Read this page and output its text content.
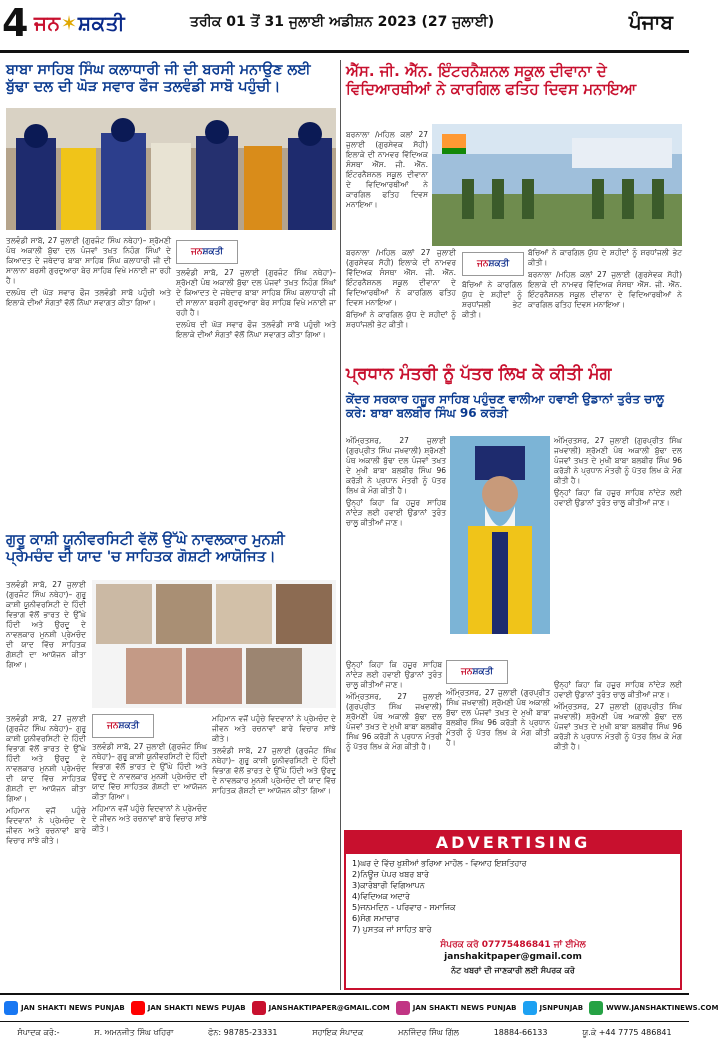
4 ਜਨ✶ਸ਼ਕਤੀ	ਤਰੀਕ 01 ਤੋਂ 31 ਜੁਲਾਈ ਅਡੀਸ਼ਨ 2023 (27 ਜੁਲਾਈ)	ਪੰਜਾਬ
ਬਾਬਾ ਸਾਹਿਬ ਸਿੰਘ ਕਲਾਧਾਰੀ ਜੀ ਦੀ ਬਰਸੀ ਮਨਾਉਣ ਲਈ ਬੁੱਢਾ ਦਲ ਦੀ ਘੋੜ ਸਵਾਰ ਫੌਜ ਤਲਵੰਡੀ ਸਾਬੋ ਪਹੁੰਚੀ।

ਤਲਵੰਡੀ ਸਾਬੋ, 27 ਜੁਲਾਈ (ਗੁਰਜੰਟ ਸਿੰਘ ਨਥੇਹਾ)– ਸ਼੍ਰੋਮਣੀ ਪੰਥ ਅਕਾਲੀ ਬੁੱਢਾ ਦਲ ਪੰਜਵਾਂ ਤਖ਼ਤ ਨਿਹੰਗ ਸਿੰਘਾਂ ਦੇ ਕਿਆਦਤ ਦੇ ਜਥੇਦਾਰ ਬਾਬਾ ਸਾਹਿਬ ਸਿੰਘ ਕਲਾਧਾਰੀ ਜੀ ਦੀ ਸਾਲਾਨਾ ਬਰਸੀ ਗੁਰਦੁਆਰਾ ਬੇਰ ਸਾਹਿਬ ਵਿਖੇ ਮਨਾਈ ਜਾ ਰਹੀ ਹੈ।

ਦਲਪੰਥ ਦੀ ਘੋੜ ਸਵਾਰ ਫੌਜ ਤਲਵੰਡੀ ਸਾਬੋ ਪਹੁੰਚੀ ਅਤੇ ਇਲਾਕੇ ਦੀਆਂ ਸੰਗਤਾਂ ਵੱਲੋਂ ਨਿੱਘਾ ਸਵਾਗਤ ਕੀਤਾ ਗਿਆ।

ਜਨਸ਼ਕਤੀ

ਤਲਵੰਡੀ ਸਾਬੋ, 27 ਜੁਲਾਈ (ਗੁਰਜੰਟ ਸਿੰਘ ਨਥੇਹਾ)– ਸ਼੍ਰੋਮਣੀ ਪੰਥ ਅਕਾਲੀ ਬੁੱਢਾ ਦਲ ਪੰਜਵਾਂ ਤਖ਼ਤ ਨਿਹੰਗ ਸਿੰਘਾਂ ਦੇ ਕਿਆਦਤ ਦੇ ਜਥੇਦਾਰ ਬਾਬਾ ਸਾਹਿਬ ਸਿੰਘ ਕਲਾਧਾਰੀ ਜੀ ਦੀ ਸਾਲਾਨਾ ਬਰਸੀ ਗੁਰਦੁਆਰਾ ਬੇਰ ਸਾਹਿਬ ਵਿਖੇ ਮਨਾਈ ਜਾ ਰਹੀ ਹੈ।

ਦਲਪੰਥ ਦੀ ਘੋੜ ਸਵਾਰ ਫੌਜ ਤਲਵੰਡੀ ਸਾਬੋ ਪਹੁੰਚੀ ਅਤੇ ਇਲਾਕੇ ਦੀਆਂ ਸੰਗਤਾਂ ਵੱਲੋਂ ਨਿੱਘਾ ਸਵਾਗਤ ਕੀਤਾ ਗਿਆ।

ਗੁਰੂ ਕਾਸ਼ੀ ਯੂਨੀਵਰਸਿਟੀ ਵੱਲੋਂ ਉੱਘੇ ਨਾਵਲਕਾਰ ਮੁਨਸ਼ੀ ਪ੍ਰੇਮਚੰਦ ਦੀ ਯਾਦ 'ਚ ਸਾਹਿਤਕ ਗੋਸ਼ਟੀ ਆਯੋਜਿਤ।

ਤਲਵੰਡੀ ਸਾਬੋ, 27 ਜੁਲਾਈ (ਗੁਰਜੰਟ ਸਿੰਘ ਨਥੇਹਾ)– ਗੁਰੂ ਕਾਸ਼ੀ ਯੂਨੀਵਰਸਿਟੀ ਦੇ ਹਿੰਦੀ ਵਿਭਾਗ ਵੱਲੋਂ ਭਾਰਤ ਦੇ ਉੱਘੇ ਹਿੰਦੀ ਅਤੇ ਉਰਦੂ ਦੇ ਨਾਵਲਕਾਰ ਮੁਨਸ਼ੀ ਪ੍ਰੇਮਚੰਦ ਦੀ ਯਾਦ ਵਿੱਚ ਸਾਹਿਤਕ ਗੋਸ਼ਟੀ ਦਾ ਆਯੋਜਨ ਕੀਤਾ ਗਿਆ।

ਜਨਸ਼ਕਤੀ

ਤਲਵੰਡੀ ਸਾਬੋ, 27 ਜੁਲਾਈ (ਗੁਰਜੰਟ ਸਿੰਘ ਨਥੇਹਾ)– ਗੁਰੂ ਕਾਸ਼ੀ ਯੂਨੀਵਰਸਿਟੀ ਦੇ ਹਿੰਦੀ ਵਿਭਾਗ ਵੱਲੋਂ ਭਾਰਤ ਦੇ ਉੱਘੇ ਹਿੰਦੀ ਅਤੇ ਉਰਦੂ ਦੇ ਨਾਵਲਕਾਰ ਮੁਨਸ਼ੀ ਪ੍ਰੇਮਚੰਦ ਦੀ ਯਾਦ ਵਿੱਚ ਸਾਹਿਤਕ ਗੋਸ਼ਟੀ ਦਾ ਆਯੋਜਨ ਕੀਤਾ ਗਿਆ।

ਮਹਿਮਾਨ ਵਜੋਂ ਪਹੁੰਚੇ ਵਿਦਵਾਨਾਂ ਨੇ ਪ੍ਰੇਮਚੰਦ ਦੇ ਜੀਵਨ ਅਤੇ ਰਚਨਾਵਾਂ ਬਾਰੇ ਵਿਚਾਰ ਸਾਂਝੇ ਕੀਤੇ।

ਤਲਵੰਡੀ ਸਾਬੋ, 27 ਜੁਲਾਈ (ਗੁਰਜੰਟ ਸਿੰਘ ਨਥੇਹਾ)– ਗੁਰੂ ਕਾਸ਼ੀ ਯੂਨੀਵਰਸਿਟੀ ਦੇ ਹਿੰਦੀ ਵਿਭਾਗ ਵੱਲੋਂ ਭਾਰਤ ਦੇ ਉੱਘੇ ਹਿੰਦੀ ਅਤੇ ਉਰਦੂ ਦੇ ਨਾਵਲਕਾਰ ਮੁਨਸ਼ੀ ਪ੍ਰੇਮਚੰਦ ਦੀ ਯਾਦ ਵਿੱਚ ਸਾਹਿਤਕ ਗੋਸ਼ਟੀ ਦਾ ਆਯੋਜਨ ਕੀਤਾ ਗਿਆ।

ਮਹਿਮਾਨ ਵਜੋਂ ਪਹੁੰਚੇ ਵਿਦਵਾਨਾਂ ਨੇ ਪ੍ਰੇਮਚੰਦ ਦੇ ਜੀਵਨ ਅਤੇ ਰਚਨਾਵਾਂ ਬਾਰੇ ਵਿਚਾਰ ਸਾਂਝੇ ਕੀਤੇ।

ਮਹਿਮਾਨ ਵਜੋਂ ਪਹੁੰਚੇ ਵਿਦਵਾਨਾਂ ਨੇ ਪ੍ਰੇਮਚੰਦ ਦੇ ਜੀਵਨ ਅਤੇ ਰਚਨਾਵਾਂ ਬਾਰੇ ਵਿਚਾਰ ਸਾਂਝੇ ਕੀਤੇ।

ਤਲਵੰਡੀ ਸਾਬੋ, 27 ਜੁਲਾਈ (ਗੁਰਜੰਟ ਸਿੰਘ ਨਥੇਹਾ)– ਗੁਰੂ ਕਾਸ਼ੀ ਯੂਨੀਵਰਸਿਟੀ ਦੇ ਹਿੰਦੀ ਵਿਭਾਗ ਵੱਲੋਂ ਭਾਰਤ ਦੇ ਉੱਘੇ ਹਿੰਦੀ ਅਤੇ ਉਰਦੂ ਦੇ ਨਾਵਲਕਾਰ ਮੁਨਸ਼ੀ ਪ੍ਰੇਮਚੰਦ ਦੀ ਯਾਦ ਵਿੱਚ ਸਾਹਿਤਕ ਗੋਸ਼ਟੀ ਦਾ ਆਯੋਜਨ ਕੀਤਾ ਗਿਆ।

ਐੱਸ. ਜੀ. ਐੱਨ. ਇੰਟਰਨੈਸ਼ਨਲ ਸਕੂਲ ਦੀਵਾਨਾ ਦੇ ਵਿਦਿਆਰਥੀਆਂ ਨੇ ਕਾਰਗਿਲ ਫਤਿਹ ਦਿਵਸ ਮਨਾਇਆ

ਬਰਨਾਲਾ /ਮਹਿਲ ਕਲਾਂ 27 ਜੁਲਾਈ (ਗੁਰਸੇਵਕ ਸੋਹੀ) ਇਲਾਕੇ ਦੀ ਨਾਮਵਰ ਵਿੱਦਿਅਕ ਸੰਸਥਾ ਐੱਸ. ਜੀ. ਐੱਨ. ਇੰਟਰਨੈਸ਼ਨਲ ਸਕੂਲ ਦੀਵਾਨਾ ਦੇ ਵਿਦਿਆਰਥੀਆਂ ਨੇ ਕਾਰਗਿਲ ਫਤਿਹ ਦਿਵਸ ਮਨਾਇਆ।

ਬਰਨਾਲਾ /ਮਹਿਲ ਕਲਾਂ 27 ਜੁਲਾਈ (ਗੁਰਸੇਵਕ ਸੋਹੀ) ਇਲਾਕੇ ਦੀ ਨਾਮਵਰ ਵਿੱਦਿਅਕ ਸੰਸਥਾ ਐੱਸ. ਜੀ. ਐੱਨ. ਇੰਟਰਨੈਸ਼ਨਲ ਸਕੂਲ ਦੀਵਾਨਾ ਦੇ ਵਿਦਿਆਰਥੀਆਂ ਨੇ ਕਾਰਗਿਲ ਫਤਿਹ ਦਿਵਸ ਮਨਾਇਆ।

ਬੱਚਿਆਂ ਨੇ ਕਾਰਗਿਲ ਯੁੱਧ ਦੇ ਸ਼ਹੀਦਾਂ ਨੂੰ ਸ਼ਰਧਾਂਜਲੀ ਭੇਟ ਕੀਤੀ।

ਜਨਸ਼ਕਤੀ

ਬੱਚਿਆਂ ਨੇ ਕਾਰਗਿਲ ਯੁੱਧ ਦੇ ਸ਼ਹੀਦਾਂ ਨੂੰ ਸ਼ਰਧਾਂਜਲੀ ਭੇਟ ਕੀਤੀ।

ਬੱਚਿਆਂ ਨੇ ਕਾਰਗਿਲ ਯੁੱਧ ਦੇ ਸ਼ਹੀਦਾਂ ਨੂੰ ਸ਼ਰਧਾਂਜਲੀ ਭੇਟ ਕੀਤੀ।

ਬਰਨਾਲਾ /ਮਹਿਲ ਕਲਾਂ 27 ਜੁਲਾਈ (ਗੁਰਸੇਵਕ ਸੋਹੀ) ਇਲਾਕੇ ਦੀ ਨਾਮਵਰ ਵਿੱਦਿਅਕ ਸੰਸਥਾ ਐੱਸ. ਜੀ. ਐੱਨ. ਇੰਟਰਨੈਸ਼ਨਲ ਸਕੂਲ ਦੀਵਾਨਾ ਦੇ ਵਿਦਿਆਰਥੀਆਂ ਨੇ ਕਾਰਗਿਲ ਫਤਿਹ ਦਿਵਸ ਮਨਾਇਆ।

ਪ੍ਰਧਾਨ ਮੰਤਰੀ ਨੂੰ ਪੱਤਰ ਲਿਖ ਕੇ ਕੀਤੀ ਮੰਗ
ਕੇਂਦਰ ਸਰਕਾਰ ਹਜ਼ੂਰ ਸਾਹਿਬ ਪਹੁੰਚਣ ਵਾਲੀਆ ਹਵਾਈ ਉਡਾਨਾਂ ਤੁਰੰਤ ਚਾਲੂ ਕਰੇ: ਬਾਬਾ ਬਲਬੀਰ ਸਿੰਘ 96 ਕਰੋੜੀ

ਅੰਮ੍ਰਿਤਸਰ, 27 ਜੁਲਾਈ (ਗੁਰਪ੍ਰੀਤ ਸਿੰਘ ਜਖਵਾਲੀ) ਸ਼੍ਰੋਮਣੀ ਪੰਥ ਅਕਾਲੀ ਬੁੱਢਾ ਦਲ ਪੰਜਵਾਂ ਤਖ਼ਤ ਦੇ ਮੁਖੀ ਬਾਬਾ ਬਲਬੀਰ ਸਿੰਘ 96 ਕਰੋੜੀ ਨੇ ਪ੍ਰਧਾਨ ਮੰਤਰੀ ਨੂੰ ਪੱਤਰ ਲਿਖ ਕੇ ਮੰਗ ਕੀਤੀ ਹੈ।

ਉਨ੍ਹਾਂ ਕਿਹਾ ਕਿ ਹਜ਼ੂਰ ਸਾਹਿਬ ਨਾਂਦੇੜ ਲਈ ਹਵਾਈ ਉਡਾਨਾਂ ਤੁਰੰਤ ਚਾਲੂ ਕੀਤੀਆਂ ਜਾਣ।

ਅੰਮ੍ਰਿਤਸਰ, 27 ਜੁਲਾਈ (ਗੁਰਪ੍ਰੀਤ ਸਿੰਘ ਜਖਵਾਲੀ) ਸ਼੍ਰੋਮਣੀ ਪੰਥ ਅਕਾਲੀ ਬੁੱਢਾ ਦਲ ਪੰਜਵਾਂ ਤਖ਼ਤ ਦੇ ਮੁਖੀ ਬਾਬਾ ਬਲਬੀਰ ਸਿੰਘ 96 ਕਰੋੜੀ ਨੇ ਪ੍ਰਧਾਨ ਮੰਤਰੀ ਨੂੰ ਪੱਤਰ ਲਿਖ ਕੇ ਮੰਗ ਕੀਤੀ ਹੈ।

ਉਨ੍ਹਾਂ ਕਿਹਾ ਕਿ ਹਜ਼ੂਰ ਸਾਹਿਬ ਨਾਂਦੇੜ ਲਈ ਹਵਾਈ ਉਡਾਨਾਂ ਤੁਰੰਤ ਚਾਲੂ ਕੀਤੀਆਂ ਜਾਣ।

ਜਨਸ਼ਕਤੀ

ਉਨ੍ਹਾਂ ਕਿਹਾ ਕਿ ਹਜ਼ੂਰ ਸਾਹਿਬ ਨਾਂਦੇੜ ਲਈ ਹਵਾਈ ਉਡਾਨਾਂ ਤੁਰੰਤ ਚਾਲੂ ਕੀਤੀਆਂ ਜਾਣ।

ਅੰਮ੍ਰਿਤਸਰ, 27 ਜੁਲਾਈ (ਗੁਰਪ੍ਰੀਤ ਸਿੰਘ ਜਖਵਾਲੀ) ਸ਼੍ਰੋਮਣੀ ਪੰਥ ਅਕਾਲੀ ਬੁੱਢਾ ਦਲ ਪੰਜਵਾਂ ਤਖ਼ਤ ਦੇ ਮੁਖੀ ਬਾਬਾ ਬਲਬੀਰ ਸਿੰਘ 96 ਕਰੋੜੀ ਨੇ ਪ੍ਰਧਾਨ ਮੰਤਰੀ ਨੂੰ ਪੱਤਰ ਲਿਖ ਕੇ ਮੰਗ ਕੀਤੀ ਹੈ।

ਅੰਮ੍ਰਿਤਸਰ, 27 ਜੁਲਾਈ (ਗੁਰਪ੍ਰੀਤ ਸਿੰਘ ਜਖਵਾਲੀ) ਸ਼੍ਰੋਮਣੀ ਪੰਥ ਅਕਾਲੀ ਬੁੱਢਾ ਦਲ ਪੰਜਵਾਂ ਤਖ਼ਤ ਦੇ ਮੁਖੀ ਬਾਬਾ ਬਲਬੀਰ ਸਿੰਘ 96 ਕਰੋੜੀ ਨੇ ਪ੍ਰਧਾਨ ਮੰਤਰੀ ਨੂੰ ਪੱਤਰ ਲਿਖ ਕੇ ਮੰਗ ਕੀਤੀ ਹੈ।

ਉਨ੍ਹਾਂ ਕਿਹਾ ਕਿ ਹਜ਼ੂਰ ਸਾਹਿਬ ਨਾਂਦੇੜ ਲਈ ਹਵਾਈ ਉਡਾਨਾਂ ਤੁਰੰਤ ਚਾਲੂ ਕੀਤੀਆਂ ਜਾਣ।

ਅੰਮ੍ਰਿਤਸਰ, 27 ਜੁਲਾਈ (ਗੁਰਪ੍ਰੀਤ ਸਿੰਘ ਜਖਵਾਲੀ) ਸ਼੍ਰੋਮਣੀ ਪੰਥ ਅਕਾਲੀ ਬੁੱਢਾ ਦਲ ਪੰਜਵਾਂ ਤਖ਼ਤ ਦੇ ਮੁਖੀ ਬਾਬਾ ਬਲਬੀਰ ਸਿੰਘ 96 ਕਰੋੜੀ ਨੇ ਪ੍ਰਧਾਨ ਮੰਤਰੀ ਨੂੰ ਪੱਤਰ ਲਿਖ ਕੇ ਮੰਗ ਕੀਤੀ ਹੈ।

ADVERTISING
1)ਘਰ ਦੇ ਵਿੱਚ ਖੁਸ਼ੀਆਂ ਭਰਿਆ ਮਾਹੌਲ - ਵਿਆਹ ਇਸ਼ਤਿਹਾਰ
2)ਨਿਊਜ਼ ਪੇਪਰ ਖਬਰ ਬਾਰੇ
3)ਕਾਰੋਬਾਰੀ ਵਿਗਿਆਪਨ
4)ਵਿਦਿਅਕ ਅਦਾਰੇ
5)ਜਨਮਦਿਨ - ਪਰਿਵਾਰ - ਸਮਾਜਿਕ
6)ਸੋਗ ਸਮਾਚਾਰ
7) ਪੁਸਤਕ ਜਾਂ ਸਾਹਿਤ ਬਾਰੇ
ਸੰਪਰਕ ਕਰੋ 07775486841 ਜਾਂ ਈਮੇਲ
janshakitpaper@gmail.com
ਨੋਟ ਖਬਰਾਂ ਦੀ ਜਾਣਕਾਰੀ ਲਈ ਸੰਪਰਕ ਕਰੋ
JAN SHAKTI NEWS PUNJAB	JAN SHAKTI NEWS PUJAB	JANSHAKTIPAPER@GMAIL.COM	JAN SHAKTI NEWS PUNJAB	JSNPUNJAB	WWW.JANSHAKTINEWS.COM
ਸੰਪਾਦਕ ਕਰੋ:-	ਸ. ਅਮਨਜੀਤ ਸਿੰਘ ਖਹਿਰਾ	ਫੋਨ: 98785-23331	ਸਹਾਇਕ ਸੰਪਾਦਕ	ਮਨਜਿੰਦਰ ਸਿੰਘ ਗਿੱਲ	18884-66133	ਯੂ.ਕੇ +44 7775 486841
